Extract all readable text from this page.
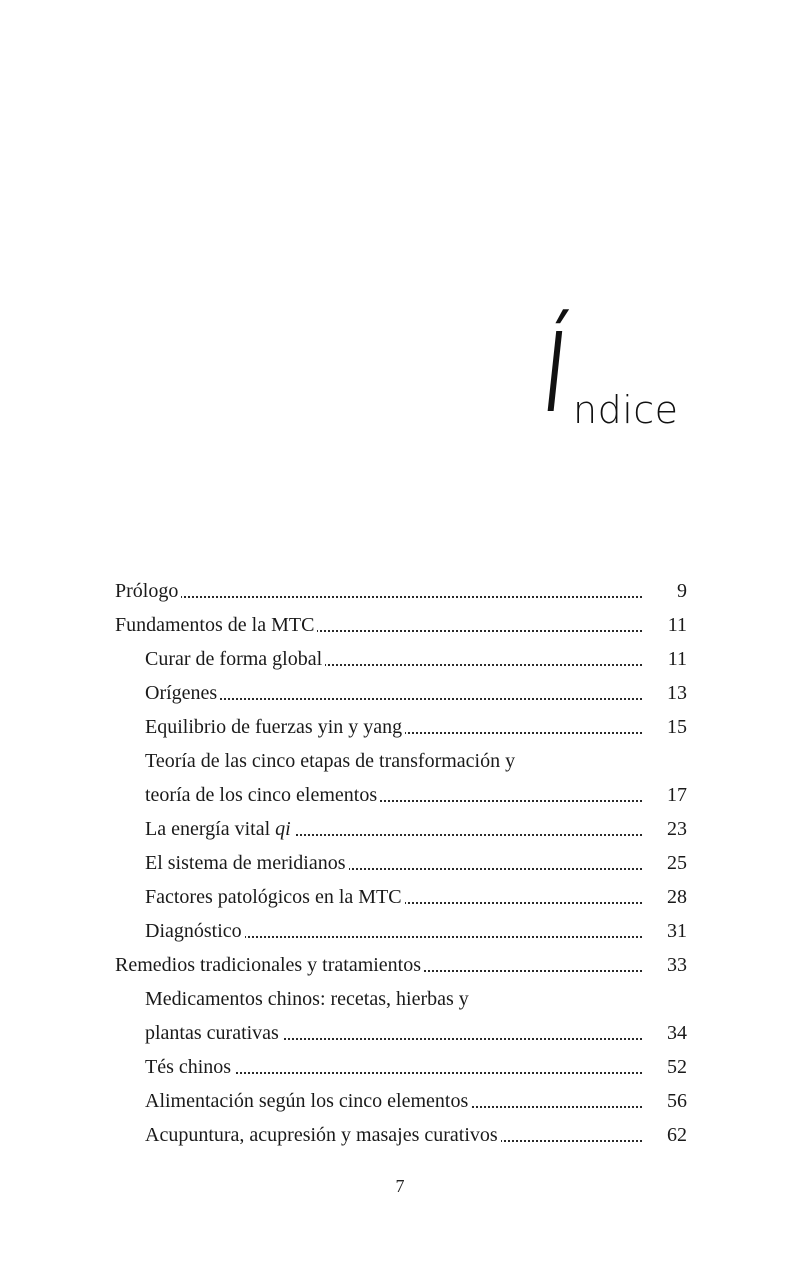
Í ndice
Prólogo	9
Fundamentos de la MTC	11
Curar de forma global	11
Orígenes	13
Equilibrio de fuerzas yin y yang	15
Teoría de las cinco etapas de transformación y
teoría de los cinco elementos	17
La energía vital qi	23
El sistema de meridianos	25
Factores patológicos en la MTC	28
Diagnóstico	31
Remedios tradicionales y tratamientos	33
Medicamentos chinos: recetas, hierbas y
plantas curativas	34
Tés chinos	52
Alimentación según los cinco elementos	56
Acupuntura, acupresión y masajes curativos	62
7
